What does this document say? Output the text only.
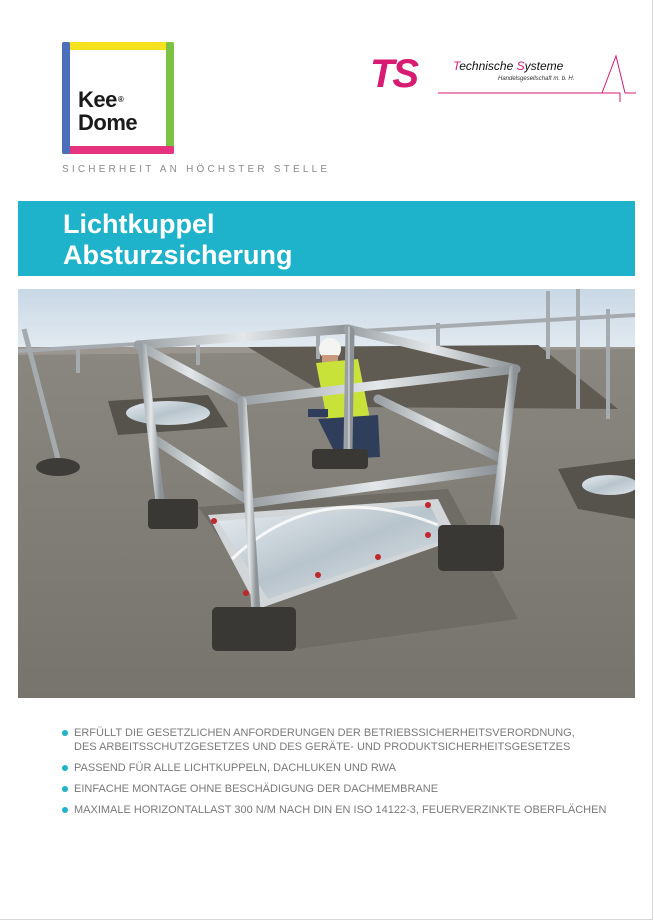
Kee®
Dome
SICHERHEIT AN HÖCHSTER STELLE
TS	Technische Systeme
Handelsgesellschaft m. b. H.
Lichtkuppel
Absturzsicherung
ERFÜLLT DIE GESETZLICHEN ANFORDERUNGEN DER BETRIEBSSICHERHEITSVERORDNUNG,
DES ARBEITSSCHUTZGESETZES UND DES GERÄTE- UND PRODUKTSICHERHEITSGESETZES
PASSEND FÜR ALLE LICHTKUPPELN, DACHLUKEN UND RWA
EINFACHE MONTAGE OHNE BESCHÄDIGUNG DER DACHMEMBRANE
MAXIMALE HORIZONTALLAST 300 N/M NACH DIN EN ISO 14122-3, FEUERVERZINKTE OBERFLÄCHEN
